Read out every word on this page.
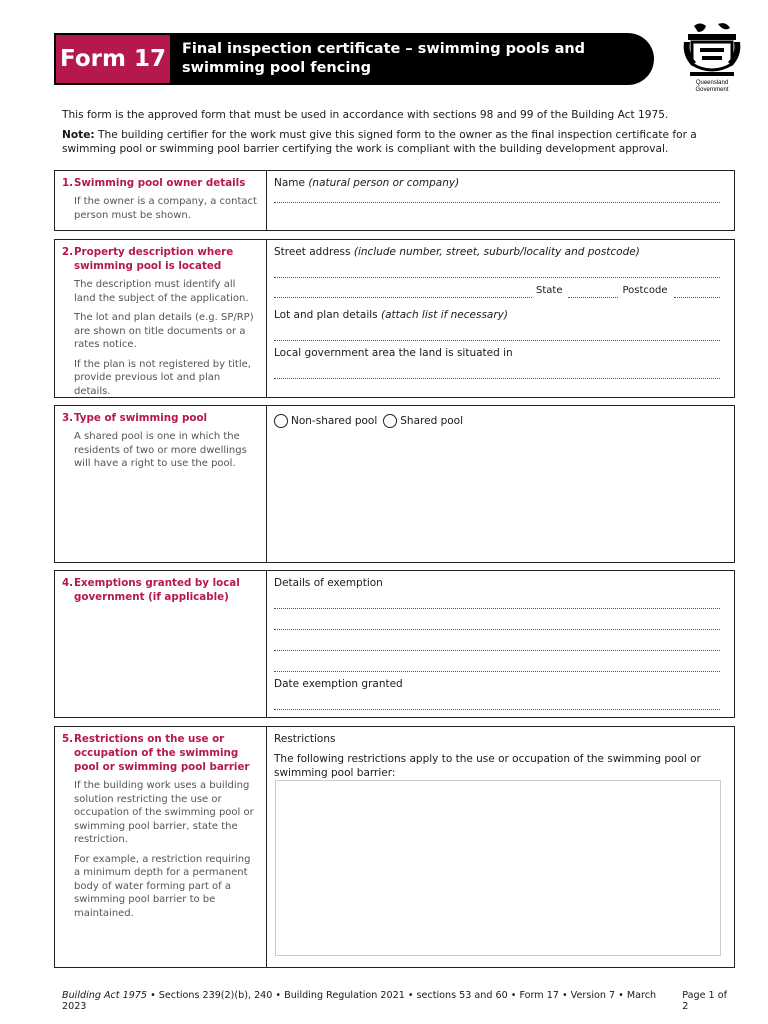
Form 17	Final inspection certificate – swimming pools and swimming pool fencing
Queensland
Government

This form is the approved form that must be used in accordance with sections 98 and 99 of the Building Act 1975.

Note: The building certifier for the work must give this signed form to the owner as the final inspection certificate for a swimming pool or swimming pool barrier certifying the work is compliant with the building development approval.

1. Swimming pool owner details

If the owner is a company, a contact person must be shown.

Name (natural person or company)
2. Property description where swimming pool is located

The description must identify all land the subject of the application.

The lot and plan details (e.g. SP/RP) are shown on title documents or a rates notice.

If the plan is not registered by title, provide previous lot and plan details.

Street address (include number, street, suburb/locality and postcode)
State	Postcode
Lot and plan details (attach list if necessary)
Local government area the land is situated in
3. Type of swimming pool

A shared pool is one in which the residents of two or more dwellings will have a right to use the pool.

Non-shared pool Shared pool
4. Exemptions granted by local government (if applicable)
Details of exemption
Date exemption granted
5. Restrictions on the use or occupation of the swimming pool or swimming pool barrier

If the building work uses a building solution restricting the use or occupation of the swimming pool or swimming pool barrier, state the restriction.

For example, a restriction requiring a minimum depth for a permanent body of water forming part of a swimming pool barrier to be maintained.

Restrictions
The following restrictions apply to the use or occupation of the swimming pool or swimming pool barrier:
Building Act 1975 • Sections 239(2)(b), 240 • Building Regulation 2021 • sections 53 and 60 • Form 17 • Version 7 • March 2023
Page 1 of 2
